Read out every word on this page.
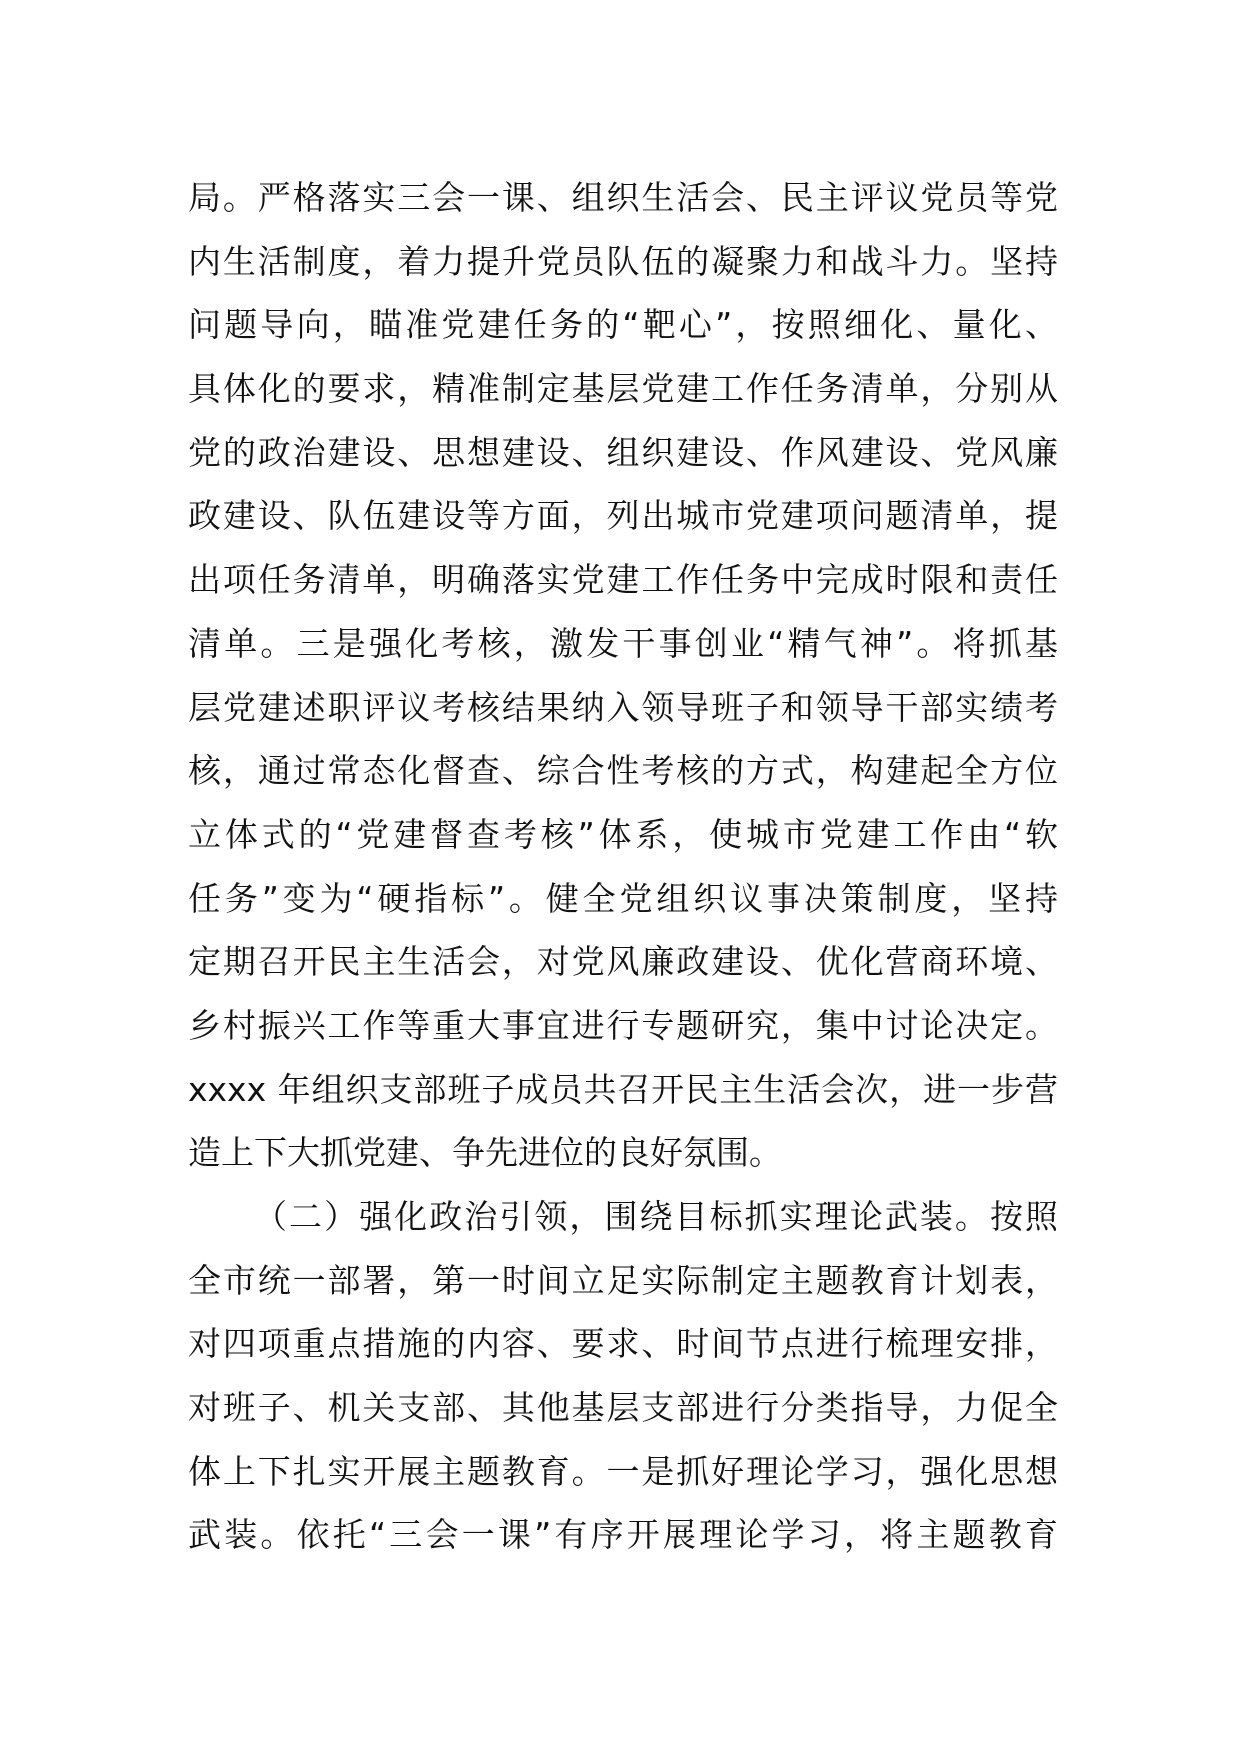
局。严格落实三会一课、组织生活会、民主评议党员等党
内生活制度，着力提升党员队伍的凝聚力和战斗力。坚持
问题导向，瞄准党建任务的“靶心”，按照细化、量化、
具体化的要求，精准制定基层党建工作任务清单，分别从
党的政治建设、思想建设、组织建设、作风建设、党风廉
政建设、队伍建设等方面，列出城市党建项问题清单，提
出项任务清单，明确落实党建工作任务中完成时限和责任
清单。三是强化考核，激发干事创业“精气神”。将抓基
层党建述职评议考核结果纳入领导班子和领导干部实绩考
核，通过常态化督查、综合性考核的方式，构建起全方位
立体式的“党建督查考核”体系，使城市党建工作由“软
任务”变为“硬指标”。健全党组织议事决策制度，坚持
定期召开民主生活会，对党风廉政建设、优化营商环境、
乡村振兴工作等重大事宜进行专题研究，集中讨论决定。
xxxx 年组织支部班子成员共召开民主生活会次，进一步营
造上下大抓党建、争先进位的良好氛围。
（二）强化政治引领，围绕目标抓实理论武装。按照
全市统一部署，第一时间立足实际制定主题教育计划表，
对四项重点措施的内容、要求、时间节点进行梳理安排，
对班子、机关支部、其他基层支部进行分类指导，力促全
体上下扎实开展主题教育。一是抓好理论学习，强化思想
武装。依托“三会一课”有序开展理论学习，将主题教育
